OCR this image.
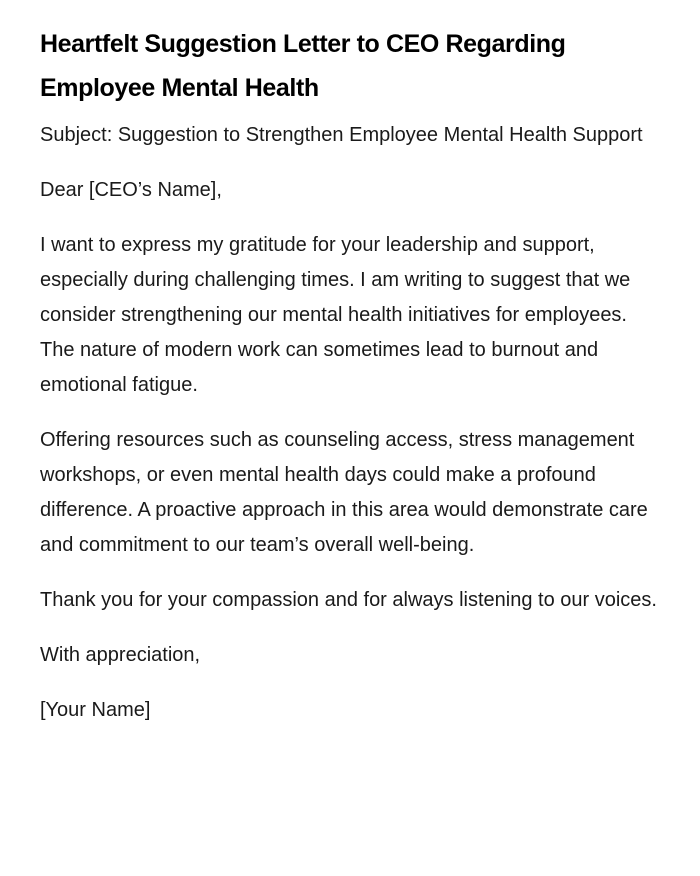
Heartfelt Suggestion Letter to CEO Regarding Employee Mental Health

Subject: Suggestion to Strengthen Employee Mental Health Support

Dear [CEO’s Name],

I want to express my gratitude for your leadership and support, especially during challenging times. I am writing to suggest that we consider strengthening our mental health initiatives for employees. The nature of modern work can sometimes lead to burnout and emotional fatigue.

Offering resources such as counseling access, stress management workshops, or even mental health days could make a profound difference. A proactive approach in this area would demonstrate care and commitment to our team’s overall well-being.

Thank you for your compassion and for always listening to our voices.

With appreciation,

[Your Name]
